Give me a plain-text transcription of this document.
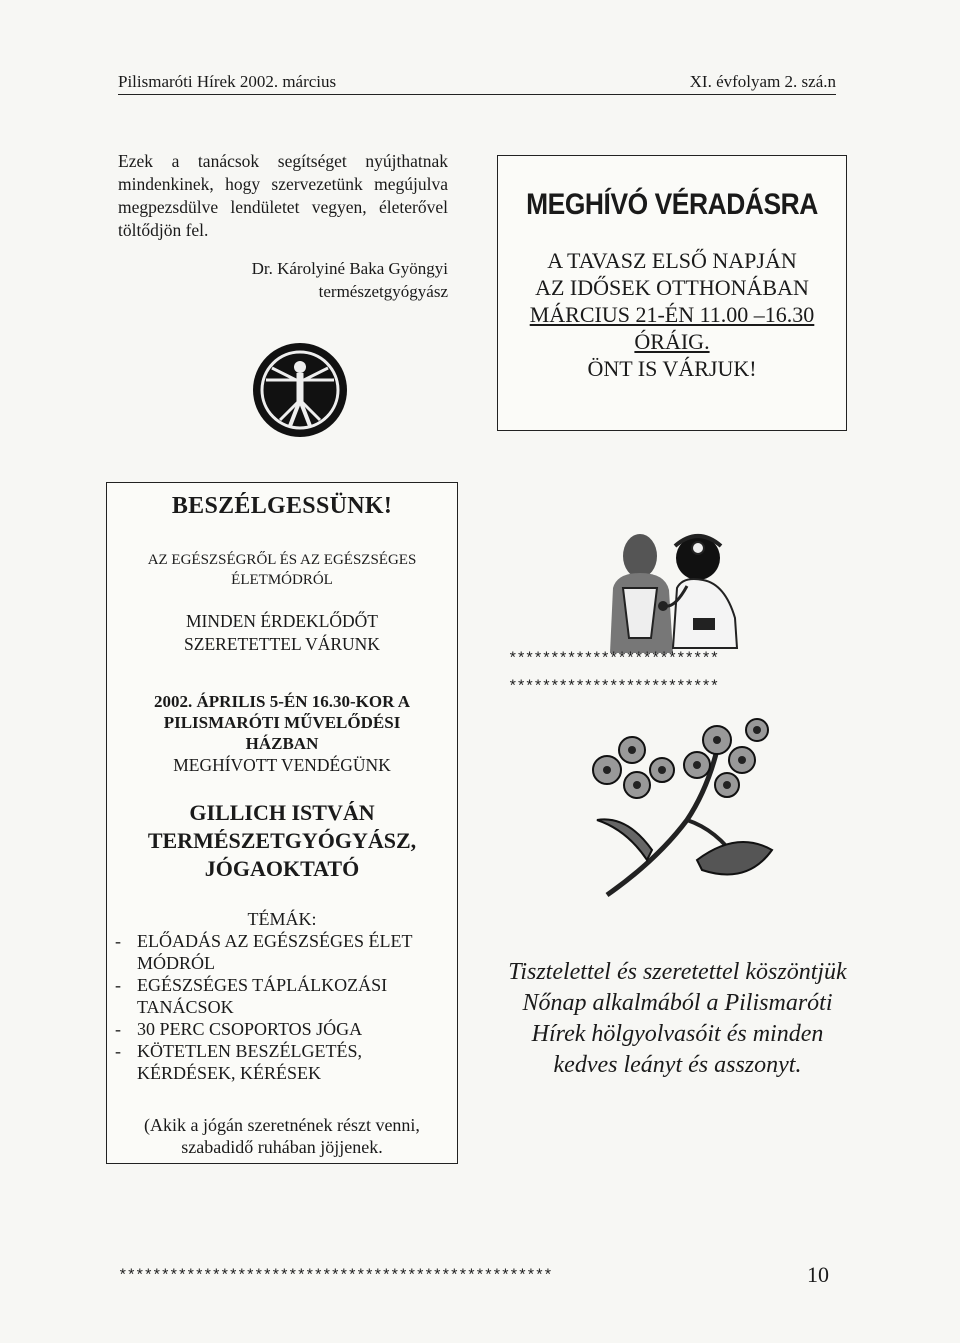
Pilismaróti Hírek 2002. március	XI. évfolyam 2. szá.n

Ezek a tanácsok segítséget nyújthatnak mindenkinek, hogy szervezetünk megújulva megpezsdülve lendületet vegyen, életerővel töltődjön fel.

Dr. Károlyiné Baka Gyöngyi
természetgyógyász
MEGHÍVÓ VÉRADÁSRA
A TAVASZ ELSŐ NAPJÁN
AZ IDŐSEK OTTHONÁBAN
MÁRCIUS 21-ÉN 11.00 –16.30
ÓRÁIG.
ÖNT IS VÁRJUK!
BESZÉLGESSÜNK!
AZ EGÉSZSÉGRŐL ÉS AZ EGÉSZSÉGES
ÉLETMÓDRÓL
MINDEN ÉRDEKLŐDŐT
SZERETETTEL VÁRUNK
2002. ÁPRILIS 5-ÉN 16.30-KOR A
PILISMARÓTI MŰVELŐDÉSI
HÁZBAN
MEGHÍVOTT VENDÉGÜNK
GILLICH ISTVÁN
TERMÉSZETGYÓGYÁSZ,
JÓGAOKTATÓ
TÉMÁK:
- ELŐADÁS AZ EGÉSZSÉGES ÉLET MÓDRÓL
- EGÉSZSÉGES TÁPLÁLKOZÁSI TANÁCSOK
- 30 PERC CSOPORTOS JÓGA
- KÖTETLEN BESZÉLGETÉS, KÉRDÉSEK, KÉRÉSEK
(Akik a jógán szeretnének részt venni, szabadidő ruhában jöjjenek.
*************************
*************************
Tisztelettel és szeretettel köszöntjük Nőnap alkalmából a Pilismaróti Hírek hölgyolvasóit és minden kedves leányt és asszonyt.
***************************************************	10
